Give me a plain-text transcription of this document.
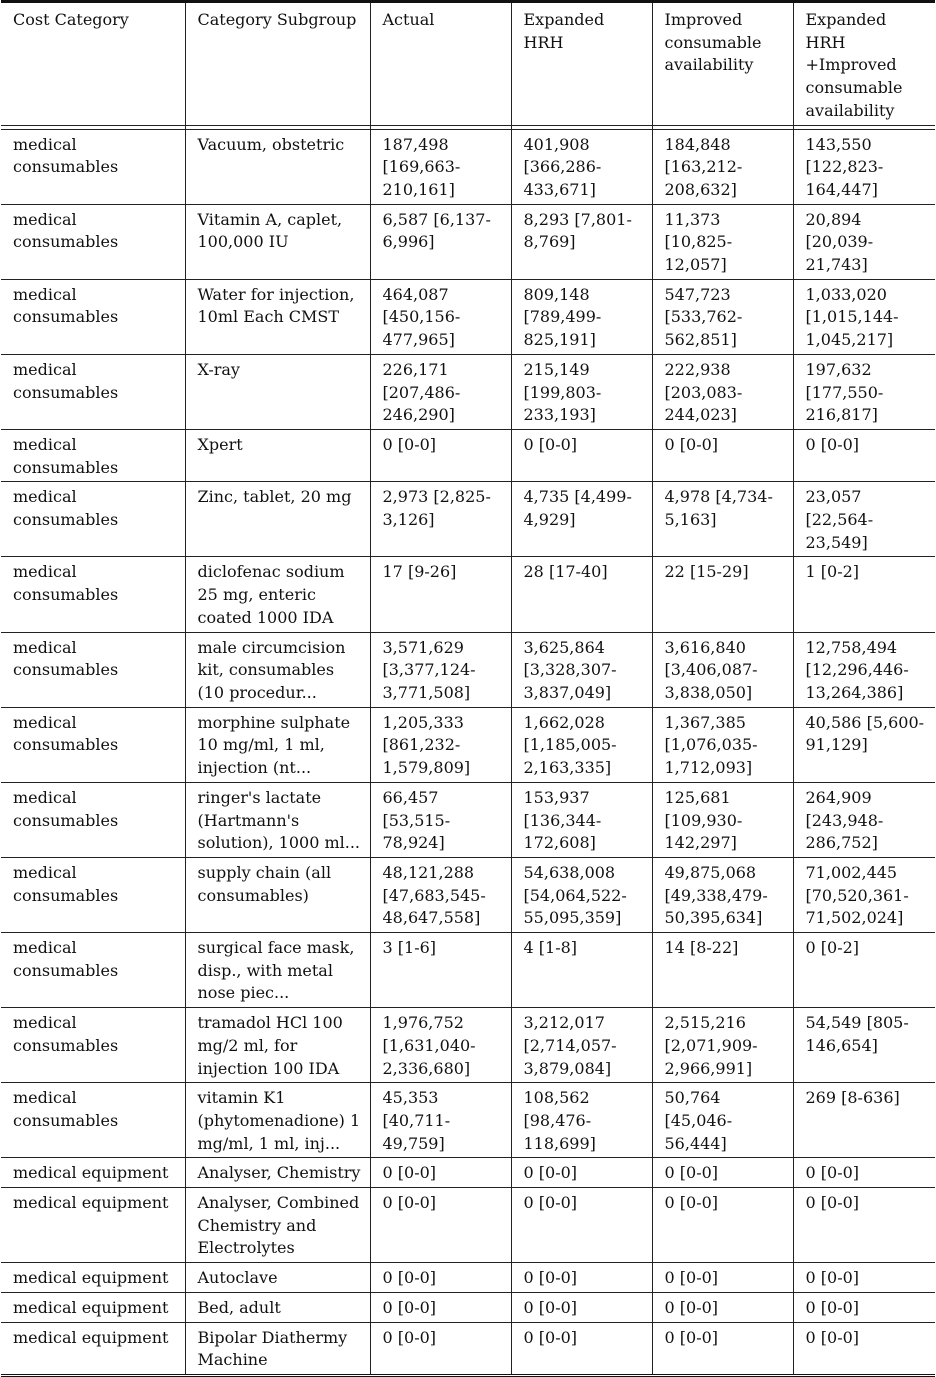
Cost Category	Category Subgroup	Actual	Expanded HRH	Improved consumable availability	Expanded HRH +Improved consumable availability

medical consumables	Vacuum, obstetric	187,498 [169,663-210,161]	401,908 [366,286-433,671]	184,848 [163,212-208,632]	143,550 [122,823-164,447]
medical consumables	Vitamin A, caplet, 100,000 IU	6,587 [6,137-6,996]	8,293 [7,801-8,769]	11,373 [10,825-12,057]	20,894 [20,039-21,743]
medical consumables	Water for injection, 10ml Each CMST	464,087 [450,156-477,965]	809,148 [789,499-825,191]	547,723 [533,762-562,851]	1,033,020 [1,015,144-1,045,217]
medical consumables	X-ray	226,171 [207,486-246,290]	215,149 [199,803-233,193]	222,938 [203,083-244,023]	197,632 [177,550-216,817]
medical consumables	Xpert	0 [0-0]	0 [0-0]	0 [0-0]	0 [0-0]
medical consumables	Zinc, tablet, 20 mg	2,973 [2,825-3,126]	4,735 [4,499-4,929]	4,978 [4,734-5,163]	23,057 [22,564-23,549]
medical consumables	diclofenac sodium 25 mg, enteric coated 1000 IDA	17 [9-26]	28 [17-40]	22 [15-29]	1 [0-2]
medical consumables	male circumcision kit, consumables (10 procedur...	3,571,629 [3,377,124-3,771,508]	3,625,864 [3,328,307-3,837,049]	3,616,840 [3,406,087-3,838,050]	12,758,494 [12,296,446-13,264,386]
medical consumables	morphine sulphate 10 mg/ml, 1 ml, injection (nt...	1,205,333 [861,232-1,579,809]	1,662,028 [1,185,005-2,163,335]	1,367,385 [1,076,035-1,712,093]	40,586 [5,600-91,129]
medical consumables	ringer's lactate (Hartmann's solution), 1000 ml...	66,457 [53,515-78,924]	153,937 [136,344-172,608]	125,681 [109,930-142,297]	264,909 [243,948-286,752]
medical consumables	supply chain (all consumables)	48,121,288 [47,683,545-48,647,558]	54,638,008 [54,064,522-55,095,359]	49,875,068 [49,338,479-50,395,634]	71,002,445 [70,520,361-71,502,024]
medical consumables	surgical face mask, disp., with metal nose piec...	3 [1-6]	4 [1-8]	14 [8-22]	0 [0-2]
medical consumables	tramadol HCl 100 mg/2 ml, for injection 100 IDA	1,976,752 [1,631,040-2,336,680]	3,212,017 [2,714,057-3,879,084]	2,515,216 [2,071,909-2,966,991]	54,549 [805-146,654]
medical consumables	vitamin K1 (phytomenadione) 1 mg/ml, 1 ml, inj...	45,353 [40,711-49,759]	108,562 [98,476-118,699]	50,764 [45,046-56,444]	269 [8-636]
medical equipment	Analyser, Chemistry	0 [0-0]	0 [0-0]	0 [0-0]	0 [0-0]
medical equipment	Analyser, Combined Chemistry and Electrolytes	0 [0-0]	0 [0-0]	0 [0-0]	0 [0-0]
medical equipment	Autoclave	0 [0-0]	0 [0-0]	0 [0-0]	0 [0-0]
medical equipment	Bed, adult	0 [0-0]	0 [0-0]	0 [0-0]	0 [0-0]
medical equipment	Bipolar Diathermy Machine	0 [0-0]	0 [0-0]	0 [0-0]	0 [0-0]
